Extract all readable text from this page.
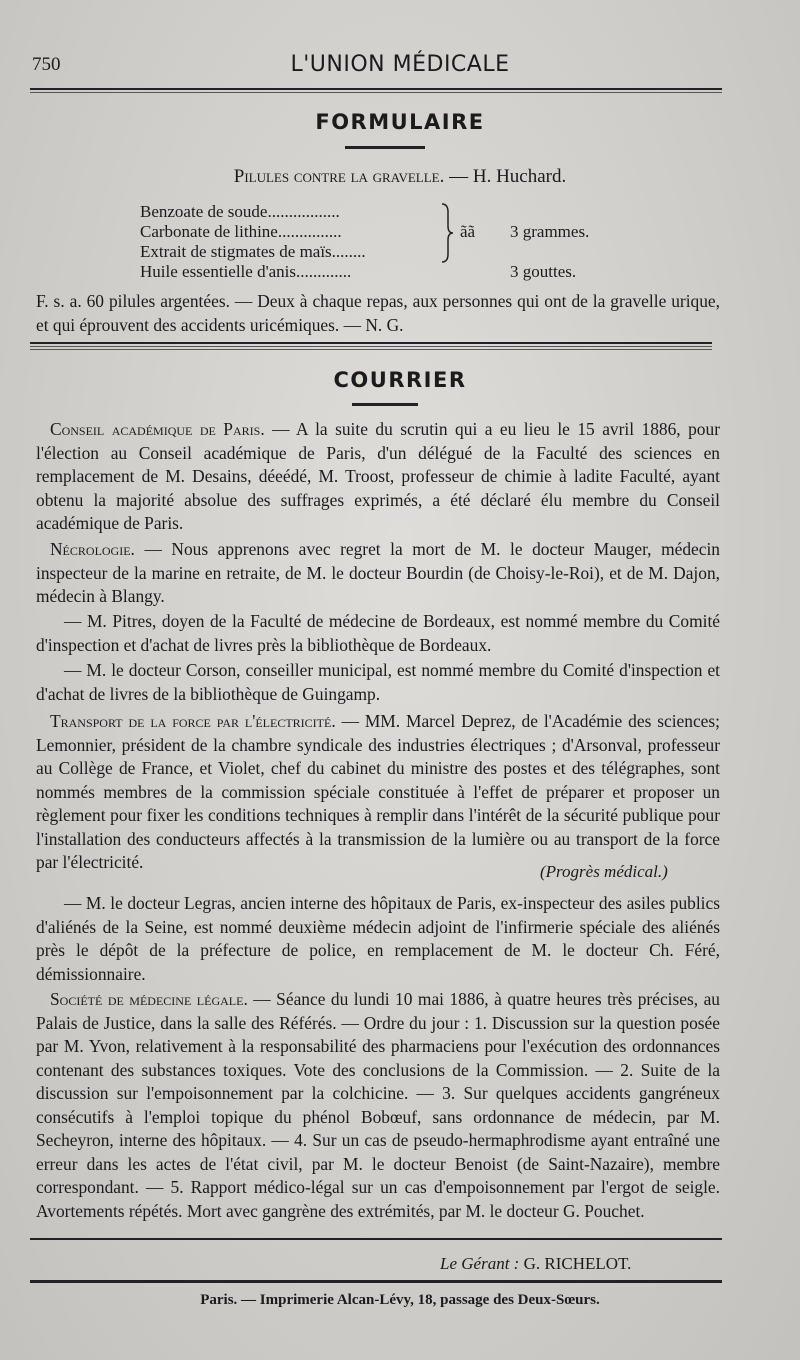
750	L'UNION MÉDICALE
FORMULAIRE
Pilules contre la gravelle. — H. Huchard.
Benzoate de soude.................
Carbonate de lithine...............
Extrait de stigmates de maïs........
Huile essentielle d'anis.............
ãã 3 grammes.
3 gouttes.
F. s. a. 60 pilules argentées. — Deux à chaque repas, aux personnes qui ont de la gravelle urique, et qui éprouvent des accidents uricémiques. — N. G.
COURRIER
Conseil académique de Paris. — A la suite du scrutin qui a eu lieu le 15 avril 1886, pour l'élection au Conseil académique de Paris, d'un délégué de la Faculté des sciences en remplacement de M. Desains, déeédé, M. Troost, professeur de chimie à ladite Faculté, ayant obtenu la majorité absolue des suffrages exprimés, a été déclaré élu membre du Conseil académique de Paris.
Nécrologie. — Nous apprenons avec regret la mort de M. le docteur Mauger, médecin inspecteur de la marine en retraite, de M. le docteur Bourdin (de Choisy-le-Roi), et de M. Dajon, médecin à Blangy.
— M. Pitres, doyen de la Faculté de médecine de Bordeaux, est nommé membre du Comité d'inspection et d'achat de livres près la bibliothèque de Bordeaux.
— M. le docteur Corson, conseiller municipal, est nommé membre du Comité d'inspection et d'achat de livres de la bibliothèque de Guingamp.
Transport de la force par l'électricité. — MM. Marcel Deprez, de l'Académie des sciences; Lemonnier, président de la chambre syndicale des industries électriques ; d'Arsonval, professeur au Collège de France, et Violet, chef du cabinet du ministre des postes et des télégraphes, sont nommés membres de la commission spéciale constituée à l'effet de préparer et proposer un règlement pour fixer les conditions techniques à remplir dans l'intérêt de la sécurité publique pour l'installation des conducteurs affectés à la transmission de la lumière ou au transport de la force par l'électricité.	(Progrès médical.)
— M. le docteur Legras, ancien interne des hôpitaux de Paris, ex-inspecteur des asiles publics d'aliénés de la Seine, est nommé deuxième médecin adjoint de l'infirmerie spéciale des aliénés près le dépôt de la préfecture de police, en remplacement de M. le docteur Ch. Féré, démissionnaire.
Société de médecine légale. — Séance du lundi 10 mai 1886, à quatre heures très précises, au Palais de Justice, dans la salle des Référés. — Ordre du jour : 1. Discussion sur la question posée par M. Yvon, relativement à la responsabilité des pharmaciens pour l'exécution des ordonnances contenant des substances toxiques. Vote des conclusions de la Commission. — 2. Suite de la discussion sur l'empoisonnement par la colchicine. — 3. Sur quelques accidents gangréneux consécutifs à l'emploi topique du phénol Bobœuf, sans ordonnance de médecin, par M. Secheyron, interne des hôpitaux. — 4. Sur un cas de pseudo-hermaphrodisme ayant entraîné une erreur dans les actes de l'état civil, par M. le docteur Benoist (de Saint-Nazaire), membre correspondant. — 5. Rapport médico-légal sur un cas d'empoisonnement par l'ergot de seigle. Avortements répétés. Mort avec gangrène des extrémités, par M. le docteur G. Pouchet.
Le Gérant : G. RICHELOT.
Paris. — Imprimerie Alcan-Lévy, 18, passage des Deux-Sœurs.
